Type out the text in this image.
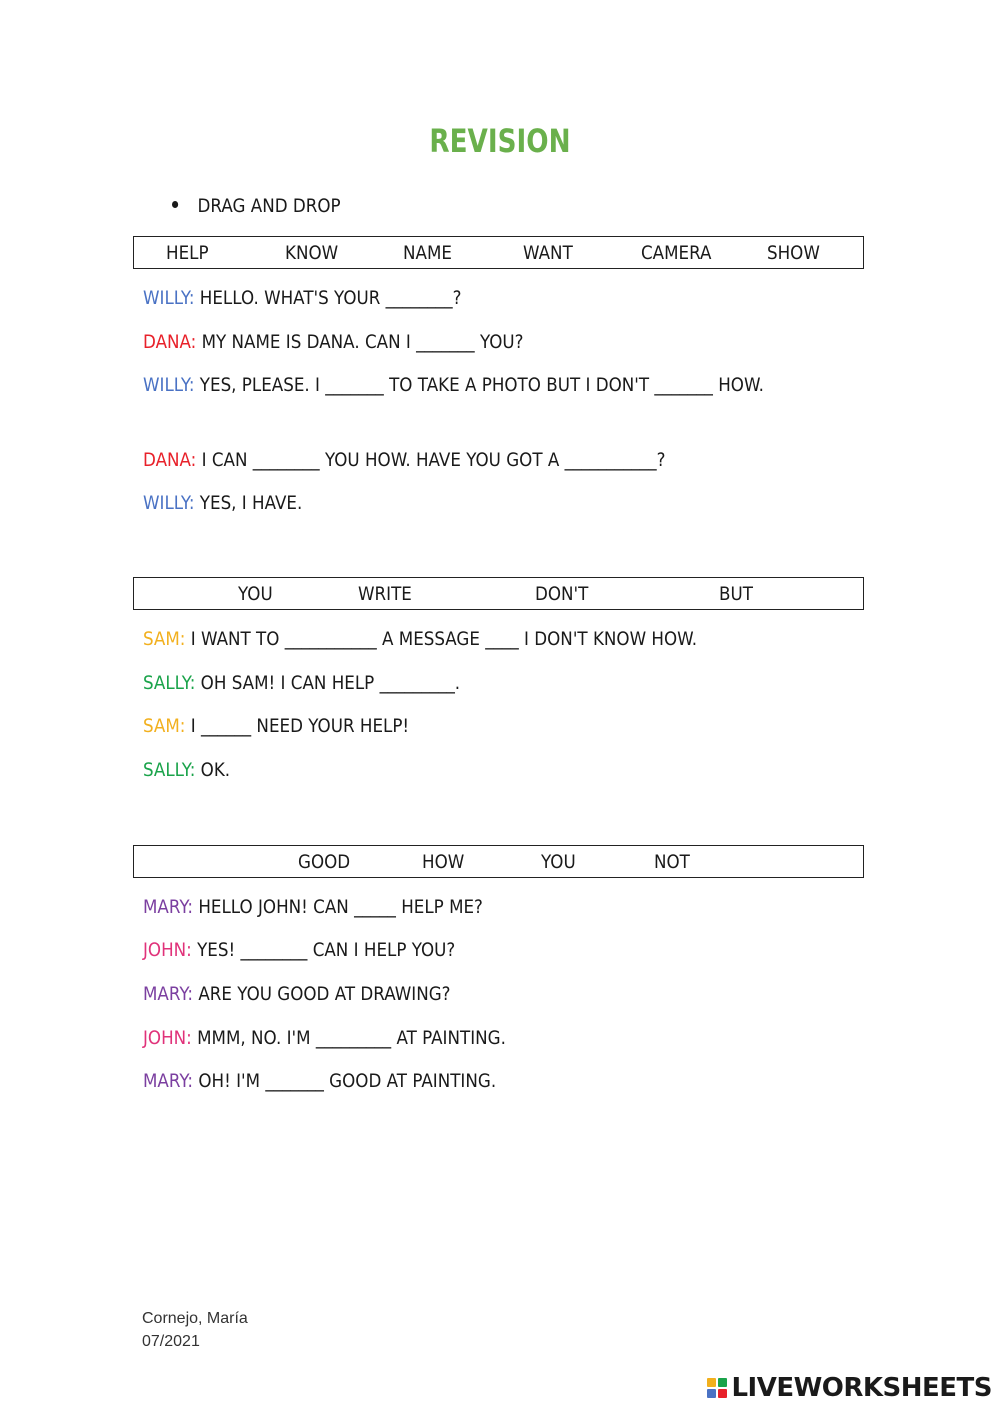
REVISION
DRAG AND DROP
HELP	KNOW	NAME	WANT	CAMERA	SHOW
WILLY: HELLO. WHAT'S YOUR ________?
DANA: MY NAME IS DANA. CAN I _______ YOU?
WILLY: YES, PLEASE. I _______ TO TAKE A PHOTO BUT I DON'T _______ HOW.
DANA: I CAN ________ YOU HOW. HAVE YOU GOT A ___________?
WILLY: YES, I HAVE.
YOU	WRITE	DON'T	BUT
SAM: I WANT TO ___________ A MESSAGE ____ I DON'T KNOW HOW.
SALLY: OH SAM! I CAN HELP _________.
SAM: I ______ NEED YOUR HELP!
SALLY: OK.
GOOD	HOW	YOU	NOT
MARY: HELLO JOHN! CAN _____ HELP ME?
JOHN: YES! ________ CAN I HELP YOU?
MARY: ARE YOU GOOD AT DRAWING?
JOHN: MMM, NO. I'M _________ AT PAINTING.
MARY: OH! I'M _______ GOOD AT PAINTING.
Cornejo, María
07/2021
LIVEWORKSHEETS
